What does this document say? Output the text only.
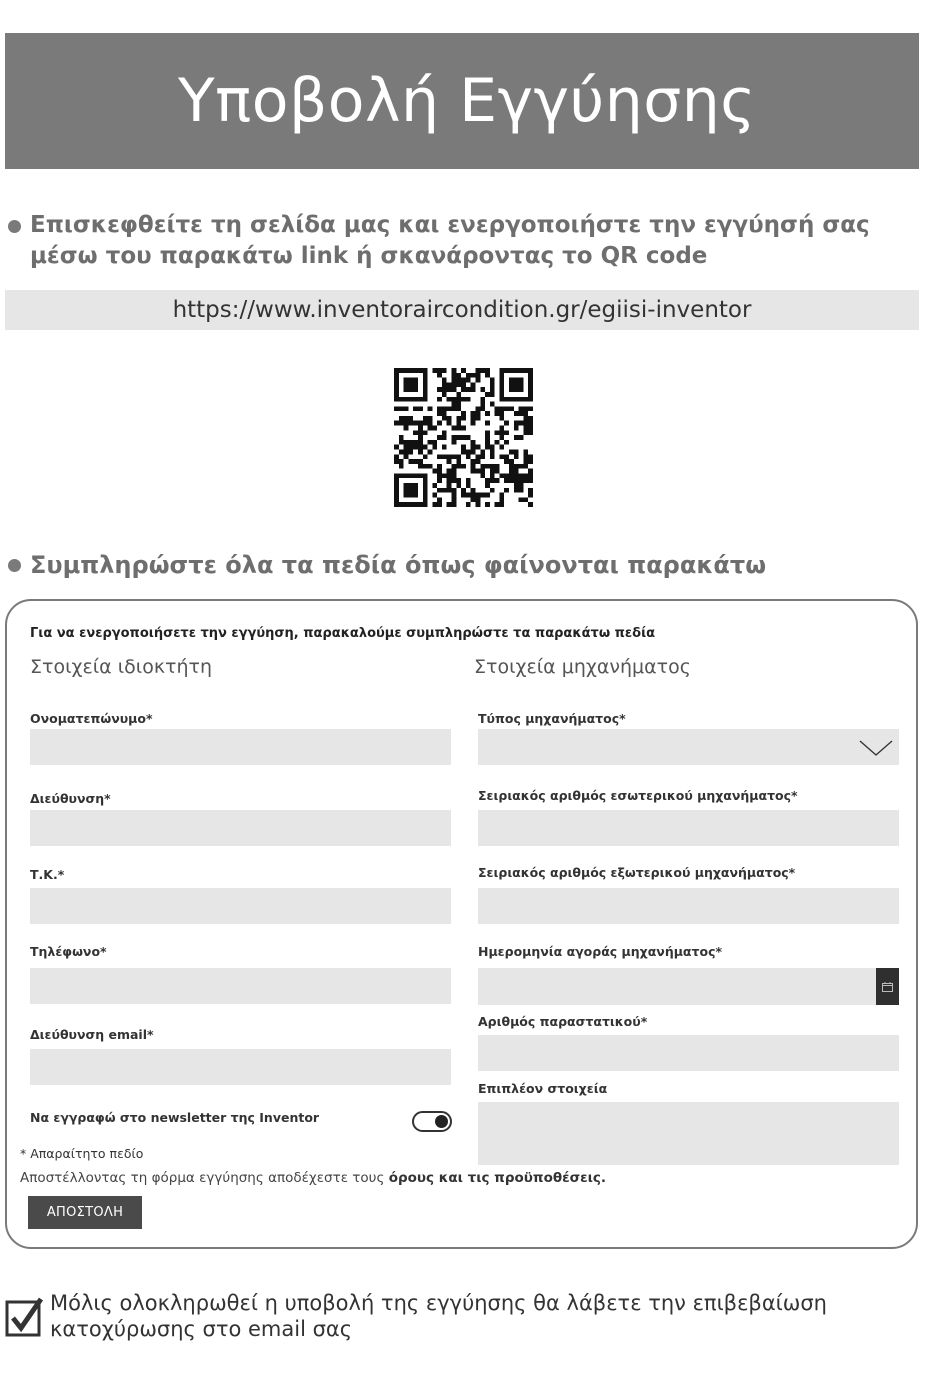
Υποβολή Εγγύησης
Επισκεφθείτε τη σελίδα μας και ενεργοποιήστε την εγγύησή σας μέσω του παρακάτω link ή σκανάροντας το QR code
https://www.inventoraircondition.gr/egiisi-inventor
Συμπληρώστε όλα τα πεδία όπως φαίνονται παρακάτω
Για να ενεργοποιήσετε την εγγύηση, παρακαλούμε συμπληρώστε τα παρακάτω πεδία
Στοιχεία ιδιοκτήτη	Στοιχεία μηχανήματος
Ονοματεπώνυμο*
Διεύθυνση*
Τ.Κ.*
Τηλέφωνο*
Διεύθυνση email*
Να εγγραφώ στο newsletter της Inventor
Τύπος μηχανήματος*
Σειριακός αριθμός εσωτερικού μηχανήματος*
Σειριακός αριθμός εξωτερικού μηχανήματος*
Ημερομηνία αγοράς μηχανήματος*
Αριθμός παραστατικού*
Επιπλέον στοιχεία
* Απαραίτητο πεδίο
Αποστέλλοντας τη φόρμα εγγύησης αποδέχεστε τους όρους και τις προϋποθέσεις.
ΑΠΟΣΤΟΛΗ
Μόλις ολοκληρωθεί η υποβολή της εγγύησης θα λάβετε την επιβεβαίωση κατοχύρωσης στο email σας
